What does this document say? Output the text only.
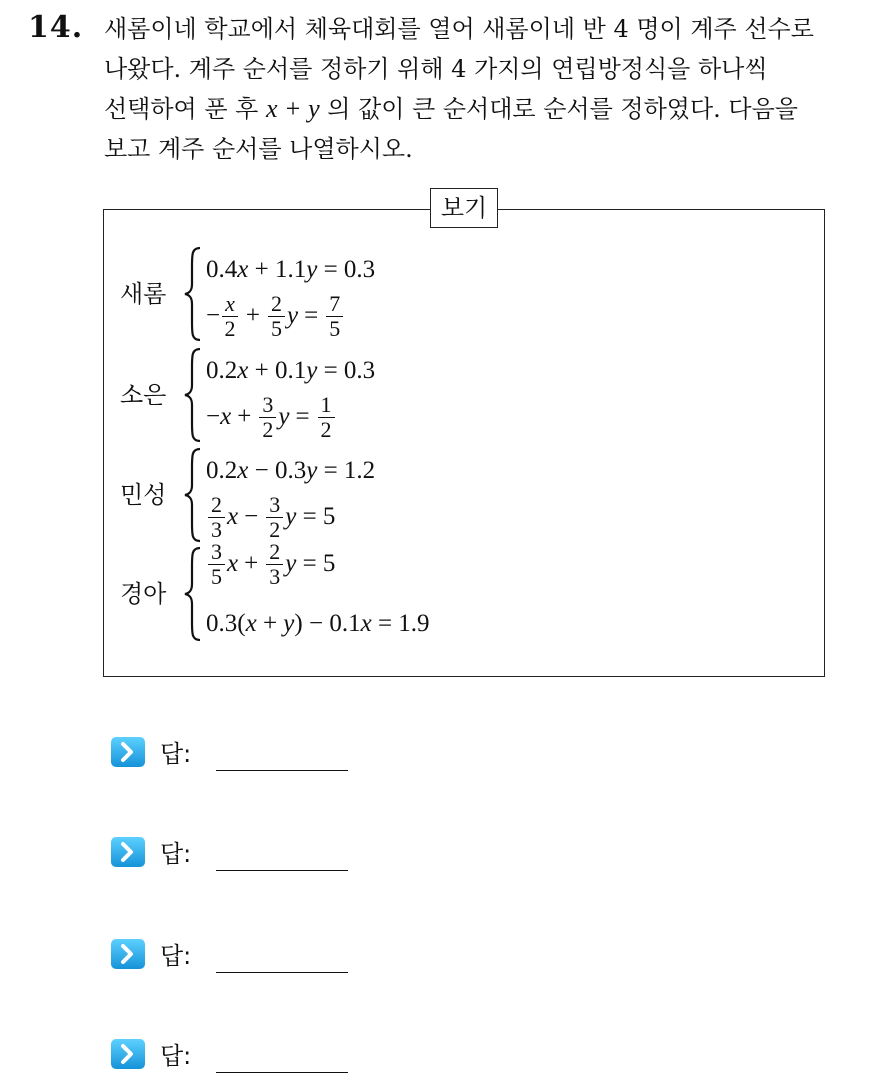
14. 새롬이네 학교에서 체육대회를 열어 새롬이네 반 4 명이 계주 선수로
나왔다. 계주 순서를 정하기 위해 4 가지의 연립방정식을 하나씩
선택하여 푼 후 x + y 의 값이 큰 순서대로 순서를 정하였다. 다음을
보고 계주 순서를 나열하시오.
보기
새롬
0.4 x
+ 1.1 y
= 0.3
− $\frac{x}{2} + \frac{2}{5}$ $y = \frac{7}{5}$
소은
0.2 x
+ 0.1 y
= 0.3
− $x + \frac{3}{2}$ $y = \frac{1}{2}$
민성
0.2 x
− 0.3 y
= 1.2
$\frac{2}{3}$ $x - \frac{3}{2}$ y
= 5
경아
$\frac{3}{5}$ $x + \frac{2}{3}$ y
= 5
0.3( x + y ) − 0.1 x
= 1.9
답:
답:
답:
답:
